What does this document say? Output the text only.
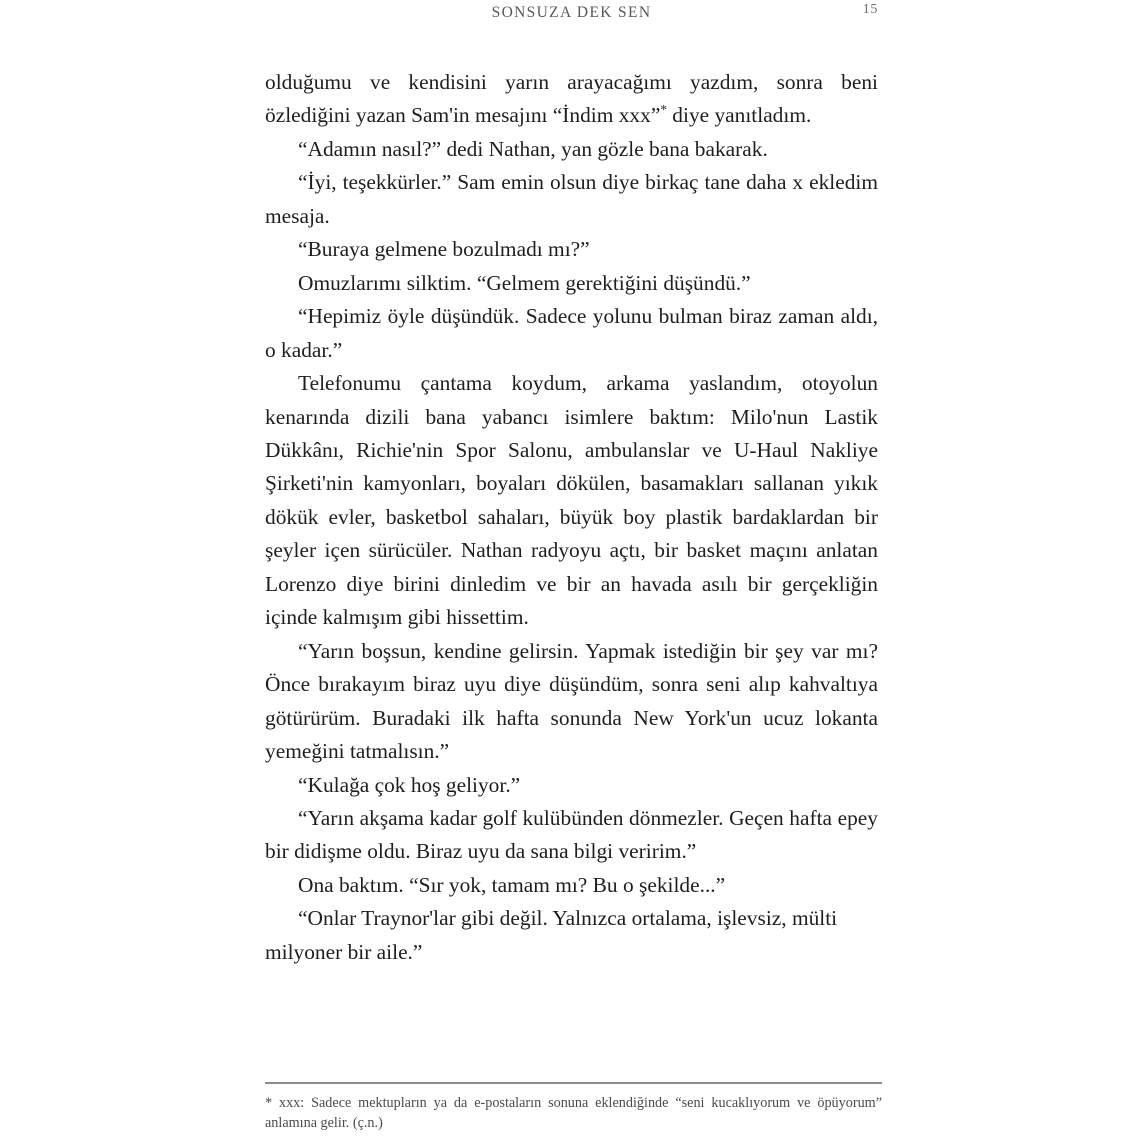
SONSUZA DEK SEN	15

olduğumu ve kendisini yarın arayacağımı yazdım, sonra beni özlediğini yazan Sam'in mesajını “İndim xxx”* diye yanıtladım.

“Adamın nasıl?” dedi Nathan, yan gözle bana bakarak.

“İyi, teşekkürler.” Sam emin olsun diye birkaç tane daha x ekledim mesaja.

“Buraya gelmene bozulmadı mı?”

Omuzlarımı silktim. “Gelmem gerektiğini düşündü.”

“Hepimiz öyle düşündük. Sadece yolunu bulman biraz zaman aldı, o kadar.”

Telefonumu çantama koydum, arkama yaslandım, otoyolun kenarında dizili bana yabancı isimlere baktım: Milo'nun Lastik Dükkânı, Richie'nin Spor Salonu, ambulanslar ve U-Haul Nakliye Şirketi'nin kamyonları, boyaları dökülen, basamakları sallanan yıkık dökük evler, basketbol sahaları, büyük boy plastik bardaklardan bir şeyler içen sürücüler. Nathan radyoyu açtı, bir basket maçını anlatan Lorenzo diye birini dinledim ve bir an havada asılı bir gerçekliğin içinde kalmışım gibi hissettim.

“Yarın boşsun, kendine gelirsin. Yapmak istediğin bir şey var mı? Önce bırakayım biraz uyu diye düşündüm, sonra seni alıp kahvaltıya götürürüm. Buradaki ilk hafta sonunda New York'un ucuz lokanta yemeğini tatmalısın.”

“Kulağa çok hoş geliyor.”

“Yarın akşama kadar golf kulübünden dönmezler. Geçen hafta epey bir didişme oldu. Biraz uyu da sana bilgi veririm.”

Ona baktım. “Sır yok, tamam mı? Bu o şekilde...”

“Onlar Traynor'lar gibi değil. Yalnızca ortalama, işlevsiz, mülti milyoner bir aile.”

* xxx: Sadece mektupların ya da e-postaların sonuna eklendiğinde “seni kucaklıyorum ve öpüyorum” anlamına gelir. (ç.n.)
